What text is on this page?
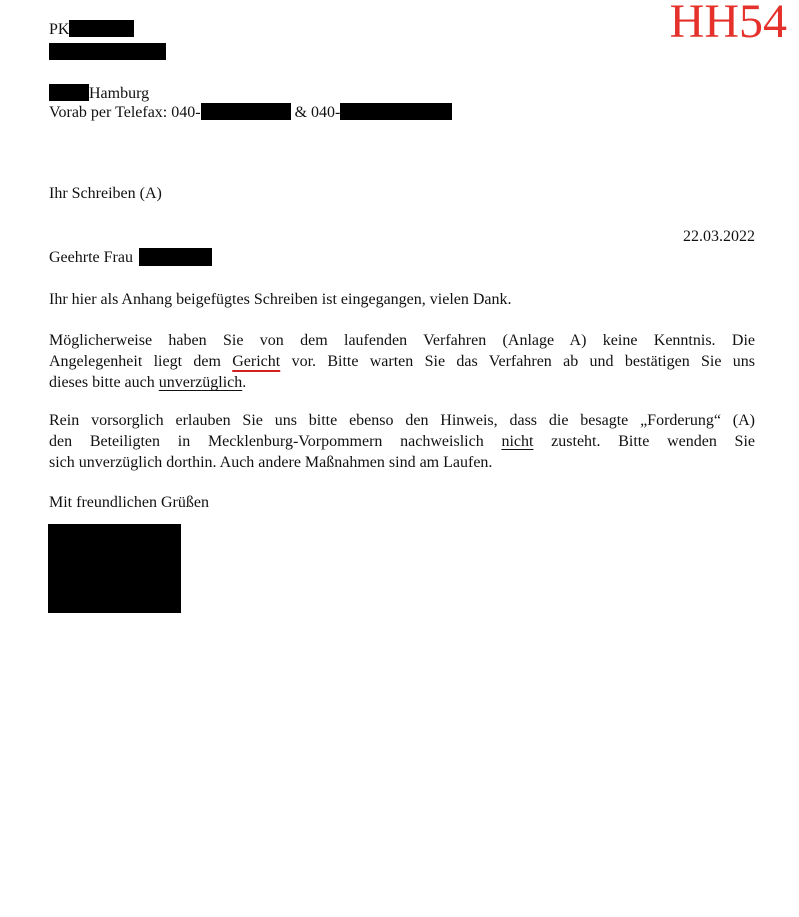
HH54
PK
Hamburg
Vorab per Telefax: 040-	& 040-
Ihr Schreiben (A)
22.03.2022
Geehrte Frau
Ihr hier als Anhang beigefügtes Schreiben ist eingegangen, vielen Dank.
Möglicherweise haben Sie von dem laufenden Verfahren (Anlage A) keine Kenntnis. Die
Angelegenheit liegt dem Gericht vor. Bitte warten Sie das Verfahren ab und bestätigen Sie uns
dieses bitte auch unverzüglich.
Rein vorsorglich erlauben Sie uns bitte ebenso den Hinweis, dass die besagte „Forderung“ (A)
den Beteiligten in Mecklenburg-Vorpommern nachweislich nicht zusteht. Bitte wenden Sie
sich unverzüglich dorthin. Auch andere Maßnahmen sind am Laufen.
Mit freundlichen Grüßen
